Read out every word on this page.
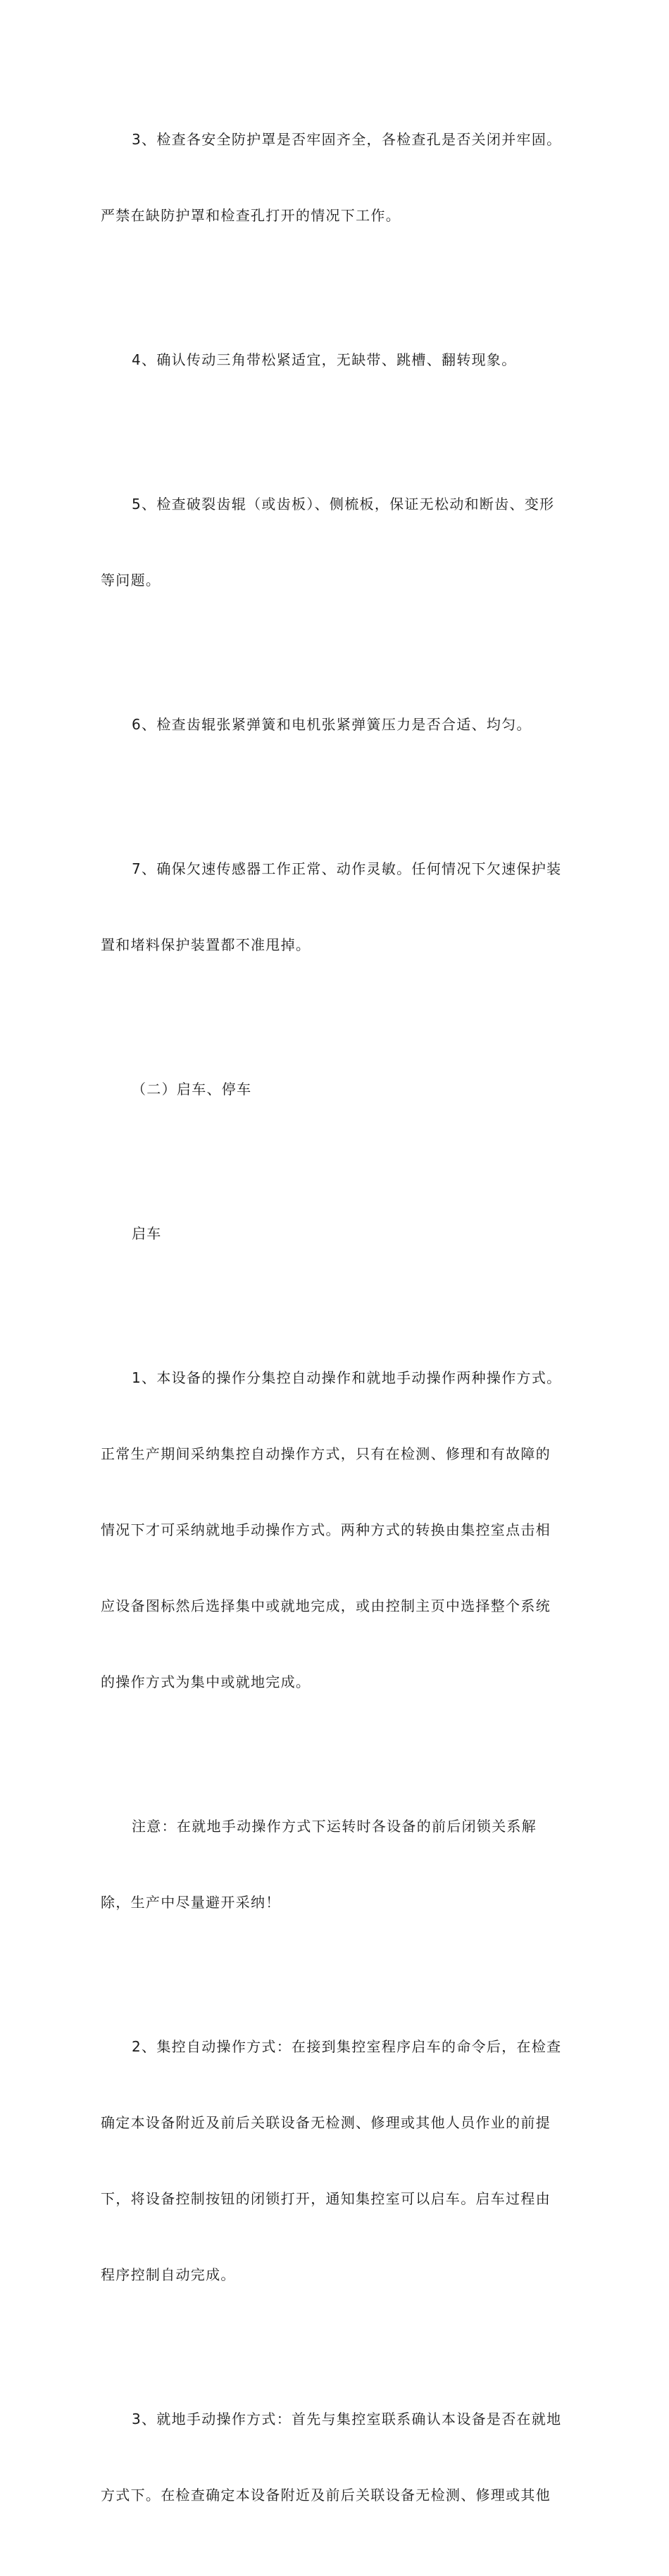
3、检查各安全防护罩是否牢固齐全，各检查孔是否关闭并牢固。

严禁在缺防护罩和检查孔打开的情况下工作。

4、确认传动三角带松紧适宜，无缺带、跳槽、翻转现象。

5、检查破裂齿辊（或齿板）、侧梳板，保证无松动和断齿、变形

等问题。

6、检查齿辊张紧弹簧和电机张紧弹簧压力是否合适、均匀。

7、确保欠速传感器工作正常、动作灵敏。任何情况下欠速保护装

置和堵料保护装置都不准甩掉。

（二）启车、停车

启车

1、本设备的操作分集控自动操作和就地手动操作两种操作方式。

正常生产期间采纳集控自动操作方式，只有在检测、修理和有故障的

情况下才可采纳就地手动操作方式。两种方式的转换由集控室点击相

应设备图标然后选择集中或就地完成，或由控制主页中选择整个系统

的操作方式为集中或就地完成。

注意：在就地手动操作方式下运转时各设备的前后闭锁关系解

除，生产中尽量避开采纳！

2、集控自动操作方式：在接到集控室程序启车的命令后，在检查

确定本设备附近及前后关联设备无检测、修理或其他人员作业的前提

下，将设备控制按钮的闭锁打开，通知集控室可以启车。启车过程由

程序控制自动完成。

3、就地手动操作方式：首先与集控室联系确认本设备是否在就地

方式下。在检查确定本设备附近及前后关联设备无检测、修理或其他
